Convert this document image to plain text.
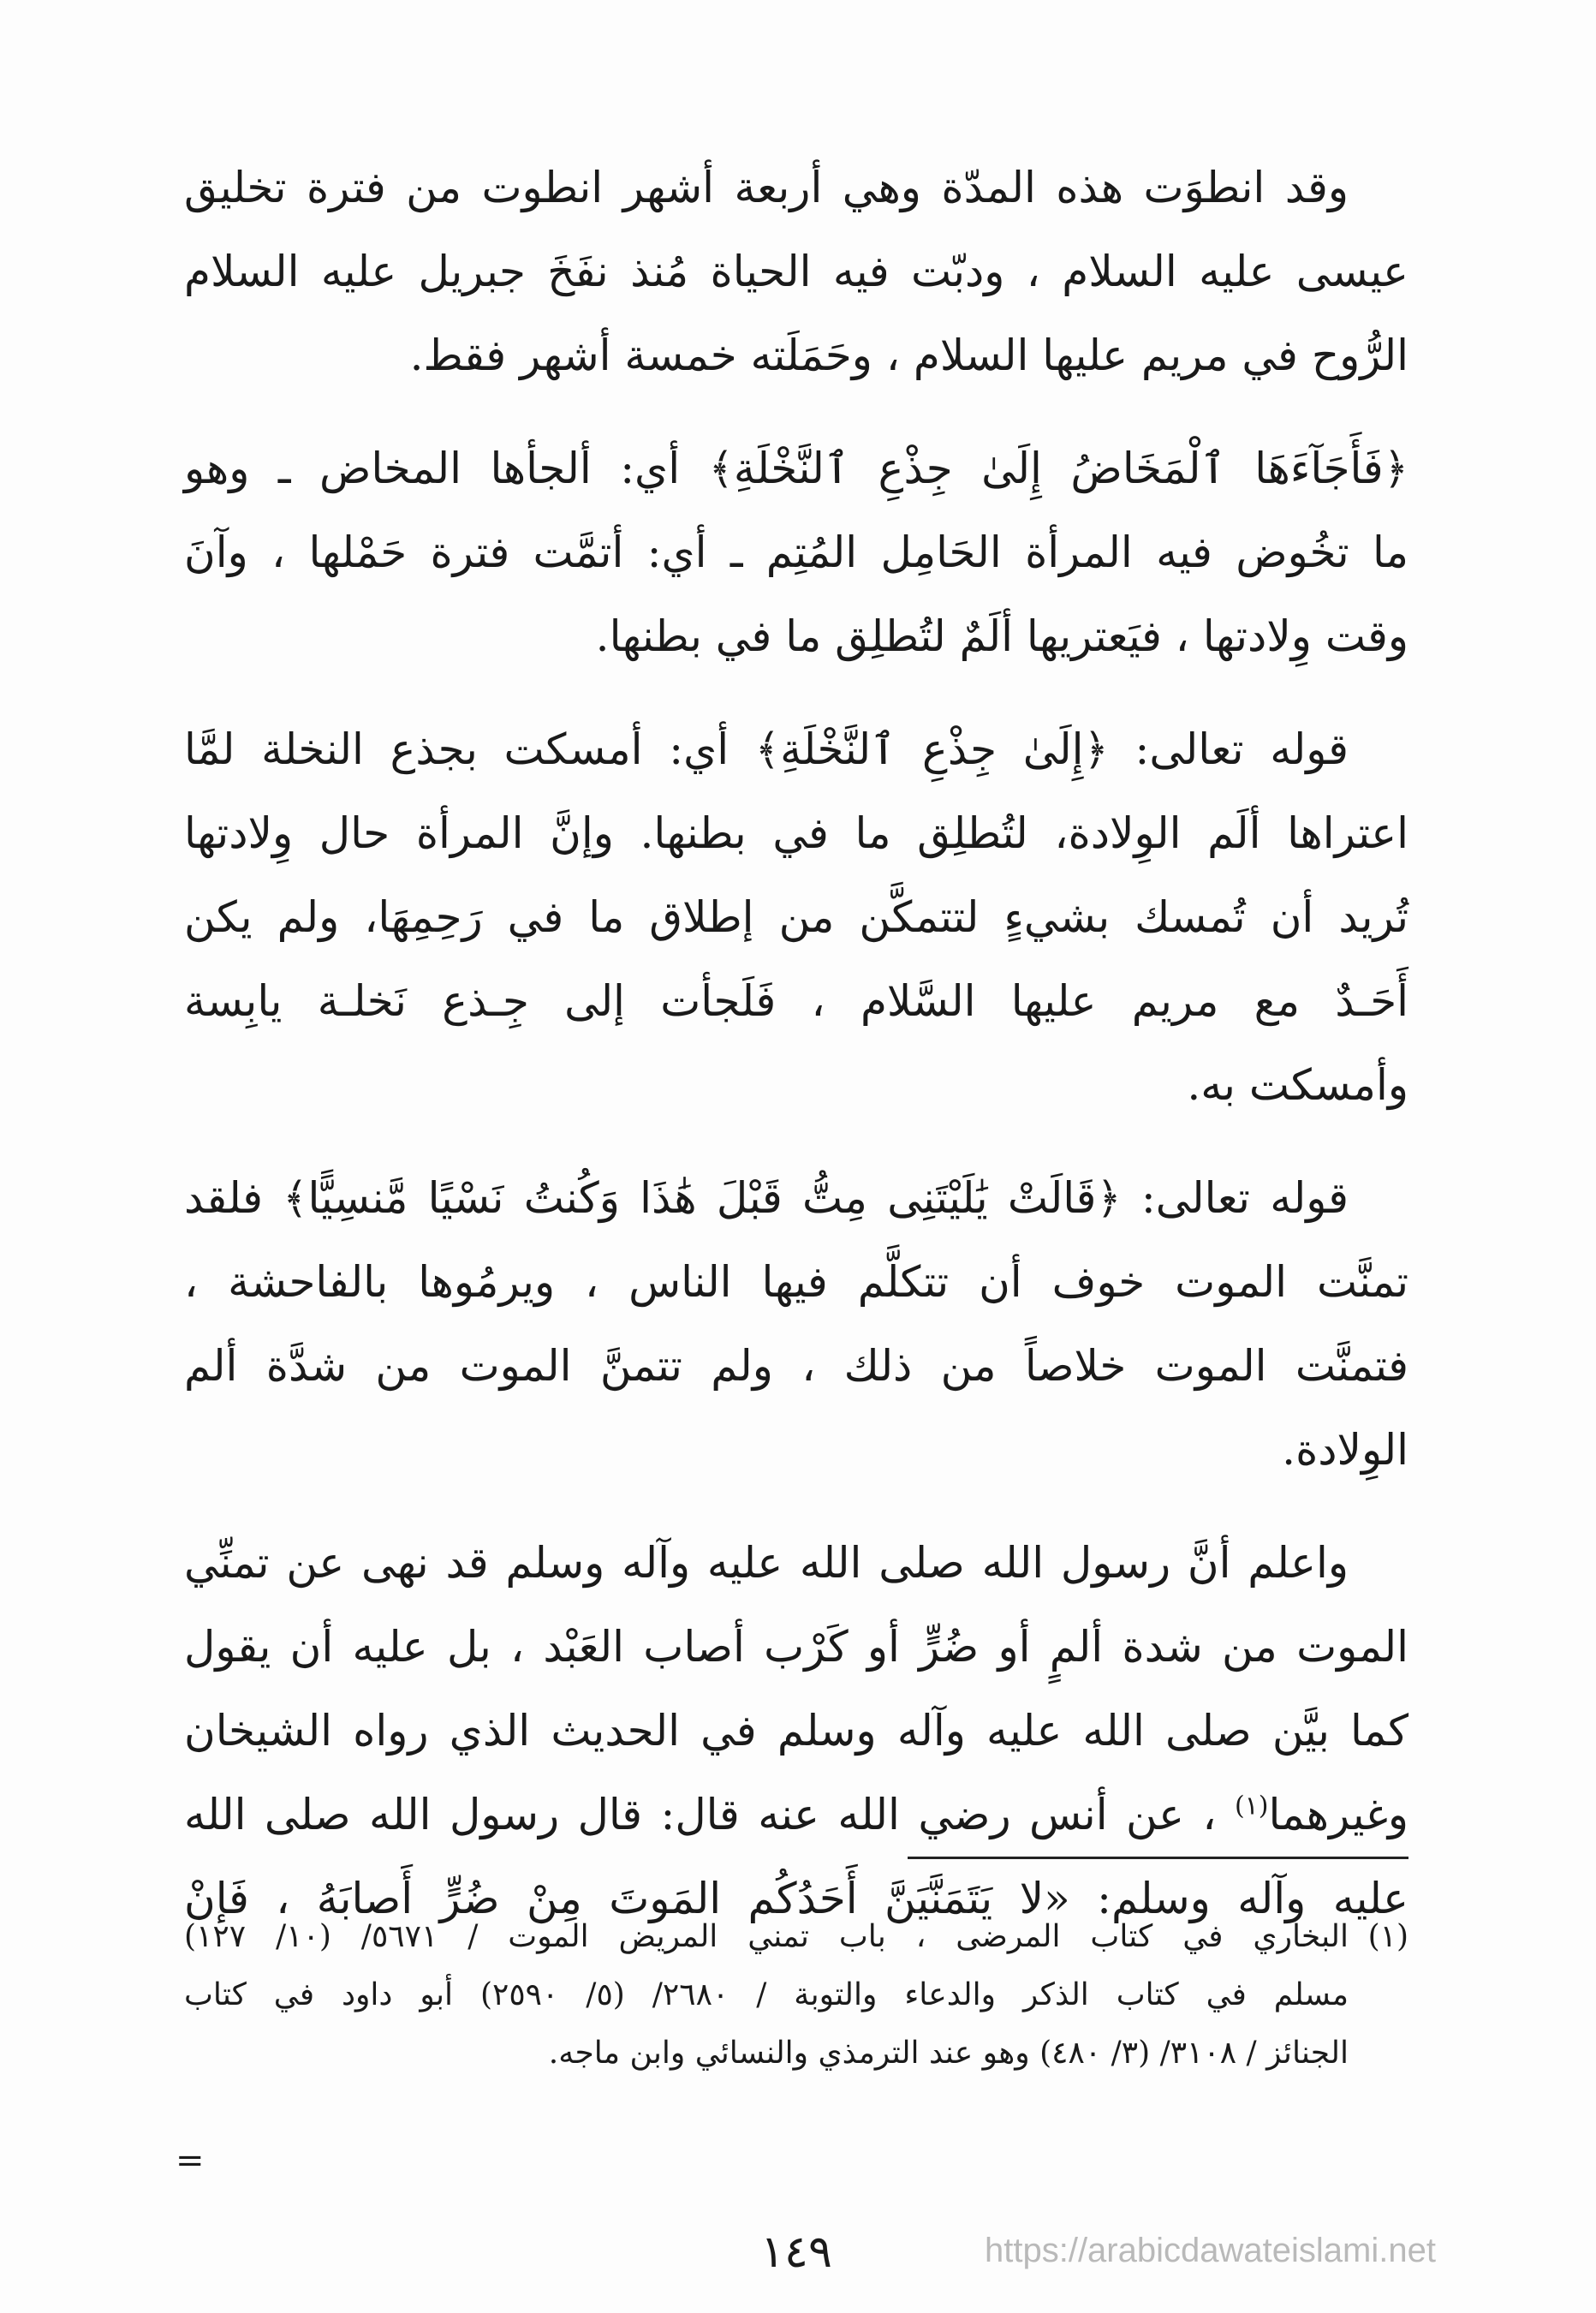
وقد انطوَت هذه المدّة وهي أربعة أشهر انطوت من فترة تخليق
عيسى عليه السلام ، ودبّت فيه الحياة مُنذ نفَخَ جبريل عليه السلام
الرُّوح في مريم عليها السلام ، وحَمَلَته خمسة أشهر فقط.

﴿فَأَجَآءَهَا ٱلْمَخَاضُ إِلَىٰ جِذْعِ ٱلنَّخْلَةِ﴾ أي: ألجأها المخاض ـ وهو
ما تخُوض فيه المرأة الحَامِل المُتِم ـ أي: أتمَّت فترة حَمْلها ، وآنَ
وقت وِلادتها ، فيَعتريها ألَمٌ لتُطلِق ما في بطنها.

قوله تعالى: ﴿إِلَىٰ جِذْعِ ٱلنَّخْلَةِ﴾ أي: أمسكت بجذع النخلة لمَّا
اعتراها ألَم الوِلادة، لتُطلِق ما في بطنها. وإنَّ المرأة حال وِلادتها
تُريد أن تُمسك بشيءٍ لتتمكَّن من إطلاق ما في رَحِمِهَا، ولم يكن
أَحَـدٌ مع مريم عليها السَّلام ، فَلَجأت إلى جِـذع نَخلـة يابِسة
وأمسكت به.

قوله تعالى: ﴿قَالَتْ يَٰلَيْتَنِى مِتُّ قَبْلَ هَٰذَا وَكُنتُ نَسْيًا مَّنسِيًّا﴾ فلقد
تمنَّت الموت خوف أن تتكلَّم فيها الناس ، ويرمُوها بالفاحشة ،
فتمنَّت الموت خلاصاً من ذلك ، ولم تتمنَّ الموت من شدَّة ألم
الوِلادة.

واعلم أنَّ رسول الله صلى الله عليه وآله وسلم قد نهى عن تمنِّي
الموت من شدة ألمٍ أو ضُرٍّ أو كَرْب أصاب العَبْد ، بل عليه أن يقول
كما بيَّن صلى الله عليه وآله وسلم في الحديث الذي رواه الشيخان
وغيرهما$^{(١)}$ ، عن أنس رضي الله عنه قال: قال رسول الله صلى الله
عليه وآله وسلم: «لا يَتَمَنَّيَنَّ أَحَدُكُم المَوتَ مِنْ ضُرٍّ أَصابَهُ ، فَإنْ

(١)
البخاري في كتاب المرضى ، باب تمني المريض الموت / ٥٦٧١/ (١٠/ ١٢٧)
مسلم في كتاب الذكر والدعاء والتوبة / ٢٦٨٠/ (٥/ ٢٥٩٠) أبو داود في كتاب
الجنائز / ٣١٠٨/ (٣/ ٤٨٠) وهو عند الترمذي والنسائي وابن ماجه.
=
١٤٩	https://arabicdawateislami.net
